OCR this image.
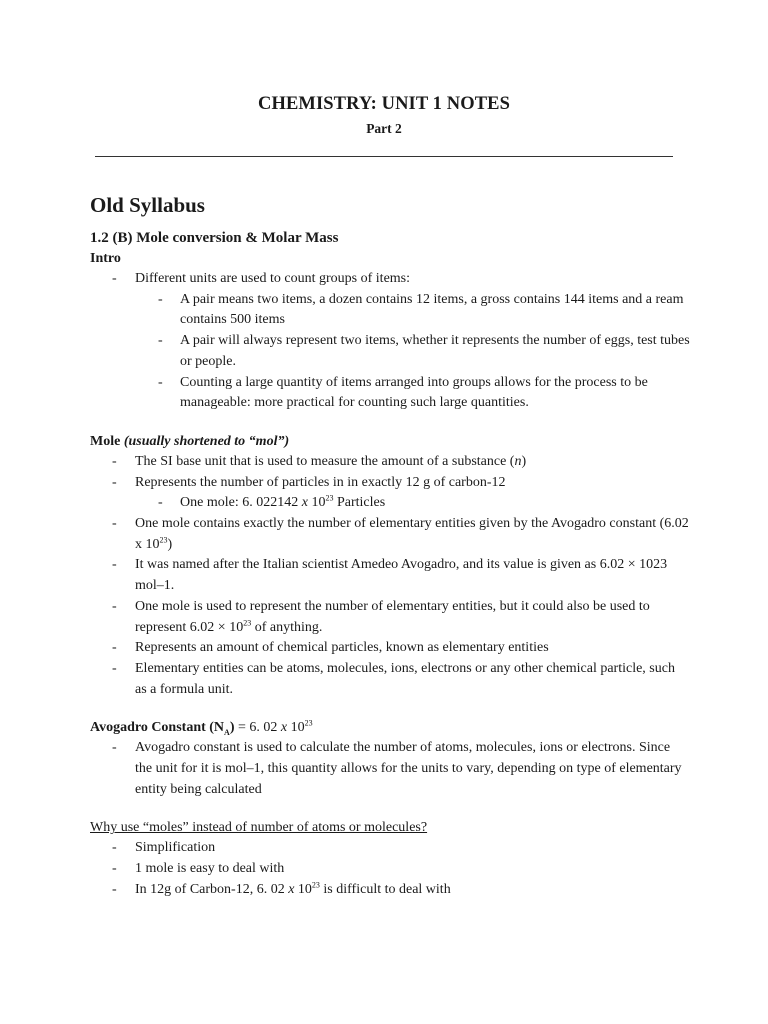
CHEMISTRY: UNIT 1 NOTES
Part 2
Old Syllabus
1.2 (B) Mole conversion & Molar Mass
Intro
- Different units are used to count groups of items:
- A pair means two items, a dozen contains 12 items, a gross contains 144 items and a ream contains 500 items
- A pair will always represent two items, whether it represents the number of eggs, test tubes or people.
- Counting a large quantity of items arranged into groups allows for the process to be manageable: more practical for counting such large quantities.
Mole (usually shortened to “mol”)
- The SI base unit that is used to measure the amount of a substance (n)
- Represents the number of particles in in exactly 12 g of carbon-12
- One mole: 6. 022142 x $10^{23}$ Particles
- One mole contains exactly the number of elementary entities given by the Avogadro constant (6.02 x $10^{23}$)
- It was named after the Italian scientist Amedeo Avogadro, and its value is given as 6.02 × 1023 mol–1.
- One mole is used to represent the number of elementary entities, but it could also be used to represent $6.02 \times 10^{23}$ of anything.
- Represents an amount of chemical particles, known as elementary entities
- Elementary entities can be atoms, molecules, ions, electrons or any other chemical particle, such as a formula unit.
Avogadro Constant $(N_A) = 6$. 02 x $10^{23}$
- Avogadro constant is used to calculate the number of atoms, molecules, ions or electrons. Since the unit for it is mol–1, this quantity allows for the units to vary, depending on type of elementary entity being calculated
Why use “moles” instead of number of atoms or molecules?
- Simplification
- 1 mole is easy to deal with
- In 12g of Carbon-12, 6. 02 x $10^{23}$ is difficult to deal with
